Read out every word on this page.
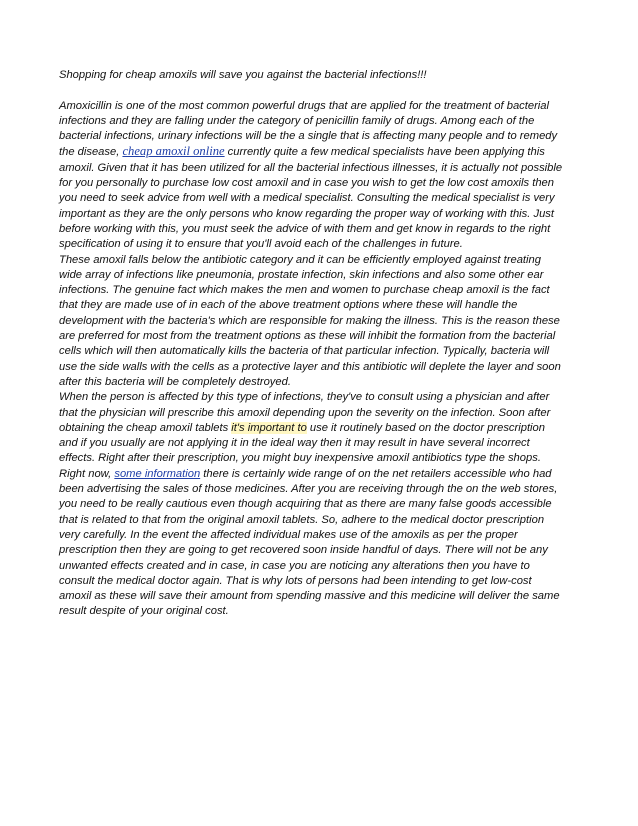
Shopping for cheap amoxils will save you against the bacterial infections!!!

Amoxicillin is one of the most common powerful drugs that are applied for the treatment of bacterial
infections and they are falling under the category of penicillin family of drugs. Among each of the
bacterial infections, urinary infections will be the a single that is affecting many people and to remedy
the disease, cheap amoxil online currently quite a few medical specialists have been applying this
amoxil. Given that it has been utilized for all the bacterial infectious illnesses, it is actually not possible
for you personally to purchase low cost amoxil and in case you wish to get the low cost amoxils then
you need to seek advice from well with a medical specialist. Consulting the medical specialist is very
important as they are the only persons who know regarding the proper way of working with this. Just
before working with this, you must seek the advice of with them and get know in regards to the right
specification of using it to ensure that you'll avoid each of the challenges in future.
These amoxil falls below the antibiotic category and it can be efficiently employed against treating
wide array of infections like pneumonia, prostate infection, skin infections and also some other ear
infections. The genuine fact which makes the men and women to purchase cheap amoxil is the fact
that they are made use of in each of the above treatment options where these will handle the
development with the bacteria's which are responsible for making the illness. This is the reason these
are preferred for most from the treatment options as these will inhibit the formation from the bacterial
cells which will then automatically kills the bacteria of that particular infection. Typically, bacteria will
use the side walls with the cells as a protective layer and this antibiotic will deplete the layer and soon
after this bacteria will be completely destroyed.
When the person is affected by this type of infections, they've to consult using a physician and after
that the physician will prescribe this amoxil depending upon the severity on the infection. Soon after
obtaining the cheap amoxil tablets it's important to use it routinely based on the doctor prescription
and if you usually are not applying it in the ideal way then it may result in have several incorrect
effects. Right after their prescription, you might buy inexpensive amoxil antibiotics type the shops.
Right now, some information there is certainly wide range of on the net retailers accessible who had
been advertising the sales of those medicines. After you are receiving through the on the web stores,
you need to be really cautious even though acquiring that as there are many false goods accessible
that is related to that from the original amoxil tablets. So, adhere to the medical doctor prescription
very carefully. In the event the affected individual makes use of the amoxils as per the proper
prescription then they are going to get recovered soon inside handful of days. There will not be any
unwanted effects created and in case, in case you are noticing any alterations then you have to
consult the medical doctor again. That is why lots of persons had been intending to get low-cost
amoxil as these will save their amount from spending massive and this medicine will deliver the same
result despite of your original cost.
